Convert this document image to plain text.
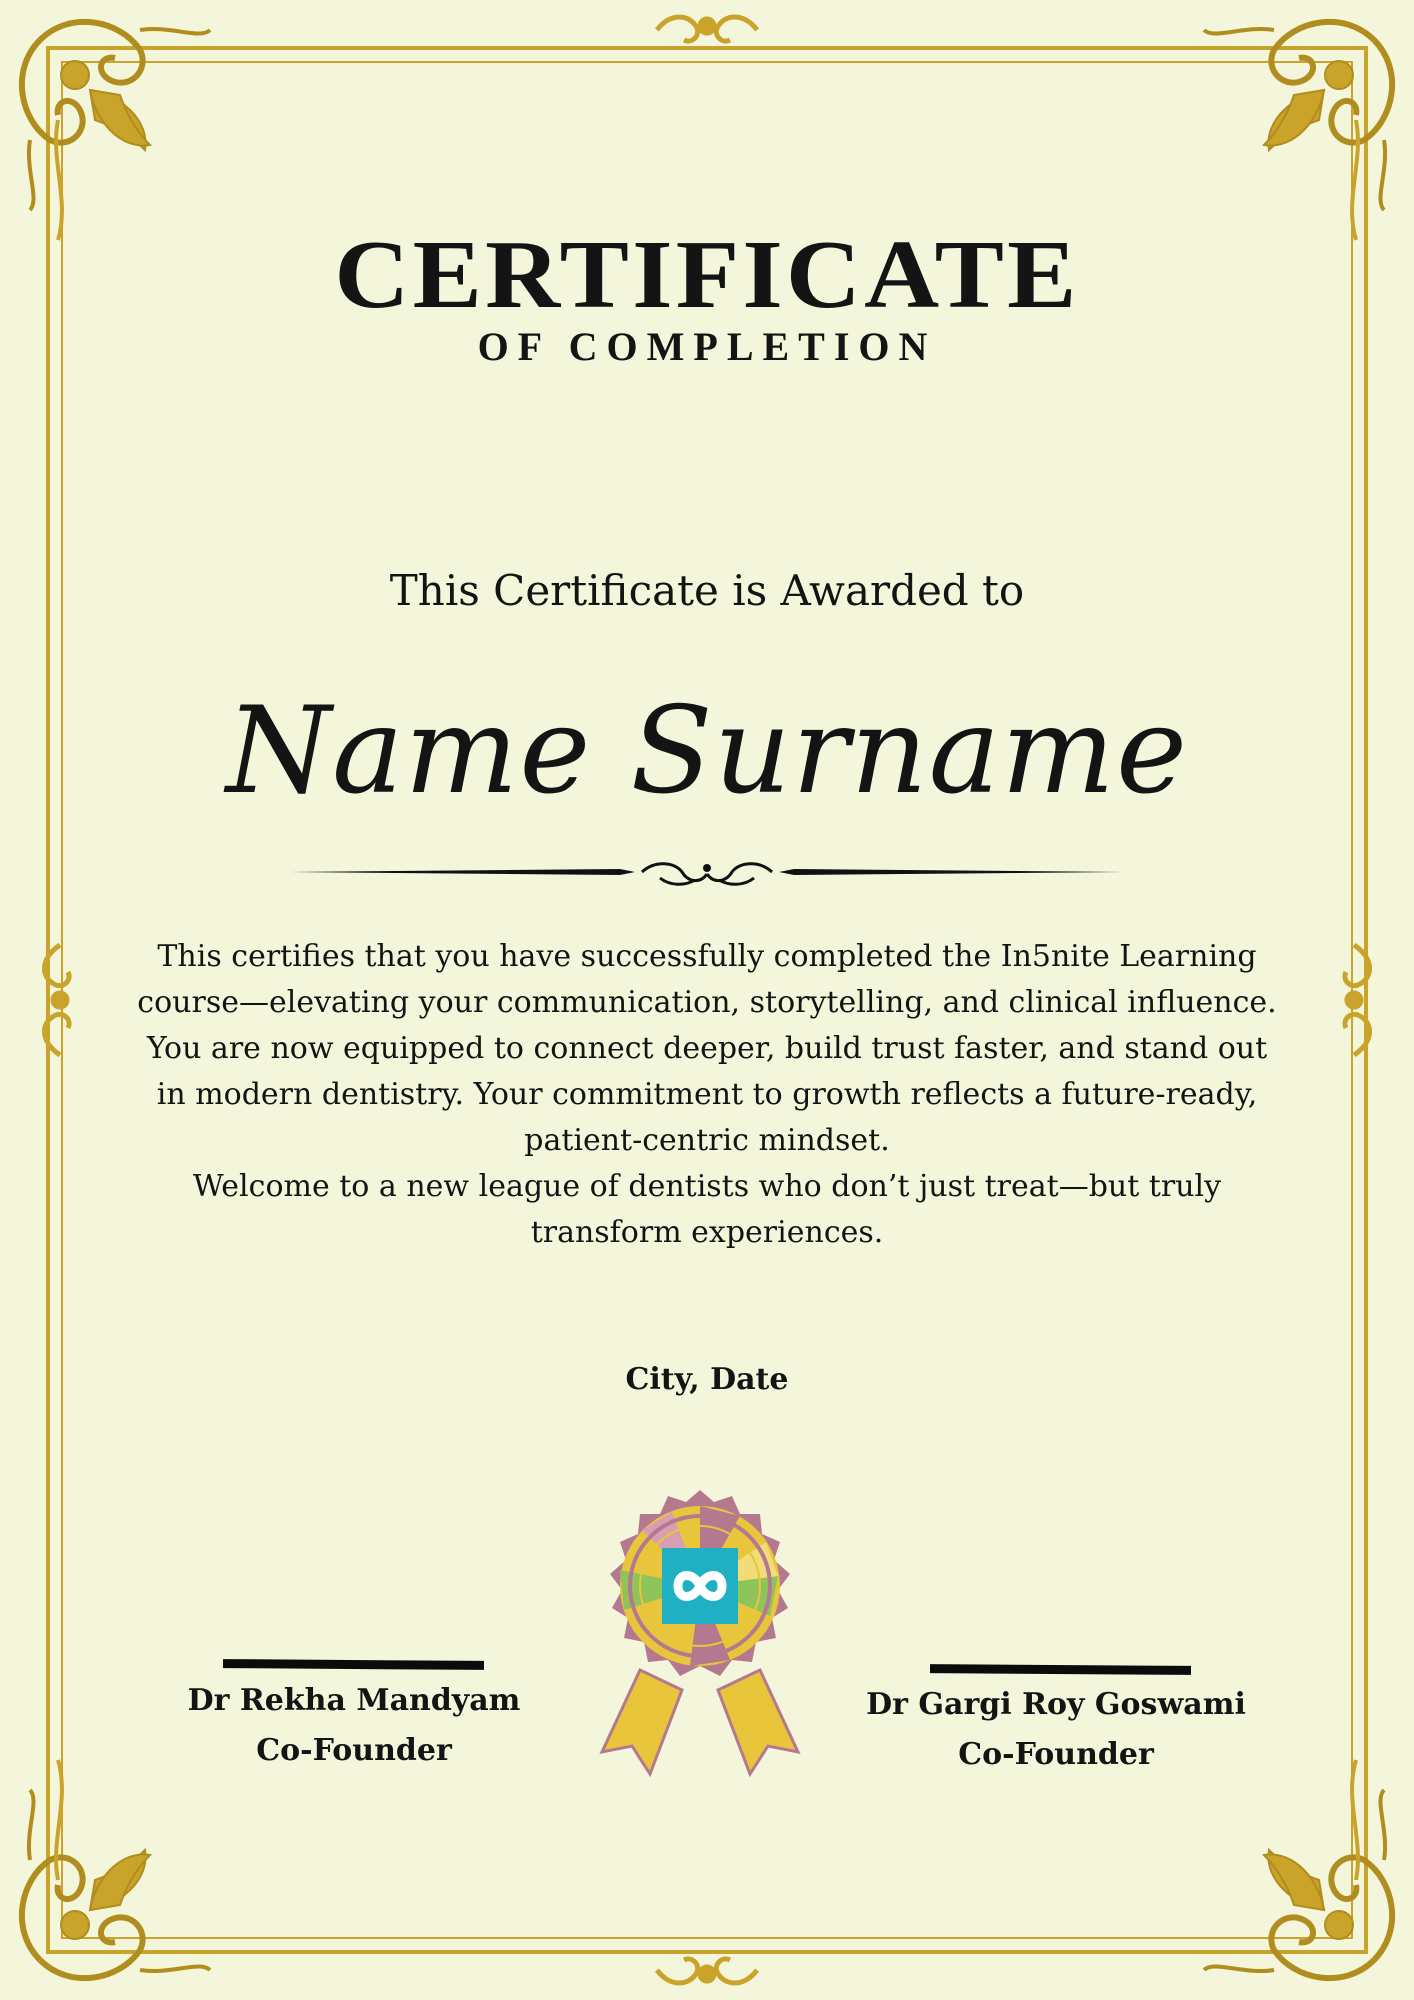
CERTIFICATE
OF COMPLETION
This Certificate is Awarded to
Name Surname

This certifies that you have successfully completed the In5nite Learning course—elevating your communication, storytelling, and clinical influence. You are now equipped to connect deeper, build trust faster, and stand out in modern dentistry. Your commitment to growth reflects a future-ready, patient-centric mindset.

Welcome to a new league of dentists who don’t just treat—but truly transform experiences.

City, Date
Dr Rekha Mandyam
Co-Founder
Dr Gargi Roy Goswami
Co-Founder
